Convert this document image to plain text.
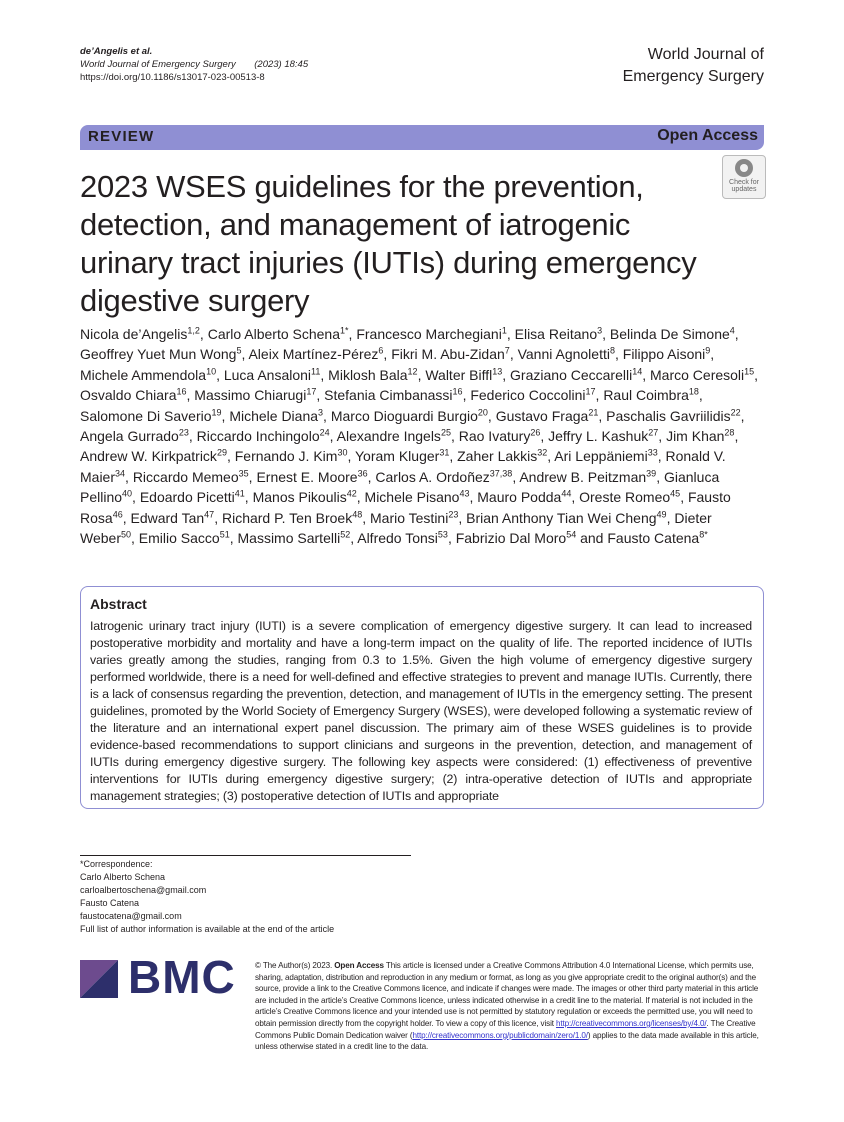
de’Angelis et al.
World Journal of Emergency Surgery (2023) 18:45
https://doi.org/10.1186/s13017-023-00513-8
World Journal of
Emergency Surgery
REVIEW	Open Access
Check for
updates
2023 WSES guidelines for the prevention, detection, and management of iatrogenic urinary tract injuries (IUTIs) during emergency digestive surgery
Nicola de’Angelis$^{1,2}$, Carlo Alberto Schena$^{1*}$, Francesco Marchegiani$^1$, Elisa Reitano$^3$, Belinda De Simone$^4$, Geoffrey Yuet Mun Wong$^5$, Aleix Martínez‑Pérez$^6$, Fikri M. Abu‑Zidan$^7$, Vanni Agnoletti$^8$, Filippo Aisoni$^9$, Michele Ammendola$^{10}$, Luca Ansaloni$^{11}$, Miklosh Bala$^{12}$, Walter Biffl$^{13}$, Graziano Ceccarelli$^{14}$, Marco Ceresoli$^{15}$, Osvaldo Chiara$^{16}$, Massimo Chiarugi$^{17}$, Stefania Cimbanassi$^{16}$, Federico Coccolini$^{17}$, Raul Coimbra$^{18}$, Salomone Di Saverio$^{19}$, Michele Diana$^3$, Marco Dioguardi Burgio$^{20}$, Gustavo Fraga$^{21}$, Paschalis Gavriilidis$^{22}$, Angela Gurrado$^{23}$, Riccardo Inchingolo$^{24}$, Alexandre Ingels$^{25}$, Rao Ivatury$^{26}$, Jeffry L. Kashuk$^{27}$, Jim Khan$^{28}$, Andrew W. Kirkpatrick$^{29}$, Fernando J. Kim$^{30}$, Yoram Kluger$^{31}$, Zaher Lakkis$^{32}$, Ari Leppäniemi$^{33}$, Ronald V. Maier$^{34}$, Riccardo Memeo$^{35}$, Ernest E. Moore$^{36}$, Carlos A. Ordoñez$^{37,38}$, Andrew B. Peitzman$^{39}$, Gianluca Pellino$^{40}$, Edoardo Picetti$^{41}$, Manos Pikoulis$^{42}$, Michele Pisano$^{43}$, Mauro Podda$^{44}$, Oreste Romeo$^{45}$, Fausto Rosa$^{46}$, Edward Tan$^{47}$, Richard P. Ten Broek$^{48}$, Mario Testini$^{23}$, Brian Anthony Tian Wei Cheng$^{49}$, Dieter Weber$^{50}$, Emilio Sacco$^{51}$, Massimo Sartelli$^{52}$, Alfredo Tonsi$^{53}$, Fabrizio Dal Moro$^{54}$ and Fausto Catena$^{8*}$
Abstract
Iatrogenic urinary tract injury (IUTI) is a severe complication of emergency digestive surgery. It can lead to increased postoperative morbidity and mortality and have a long-term impact on the quality of life. The reported incidence of IUTIs varies greatly among the studies, ranging from 0.3 to 1.5%. Given the high volume of emergency digestive surgery performed worldwide, there is a need for well-defined and effective strategies to prevent and manage IUTIs. Currently, there is a lack of consensus regarding the prevention, detection, and management of IUTIs in the emergency setting. The present guidelines, promoted by the World Society of Emergency Surgery (WSES), were developed following a systematic review of the literature and an international expert panel discussion. The primary aim of these WSES guidelines is to provide evidence-based recommendations to support clinicians and surgeons in the prevention, detection, and management of IUTIs during emergency digestive surgery. The following key aspects were considered: (1) effectiveness of preventive interventions for IUTIs during emergency digestive surgery; (2) intra-operative detection of IUTIs and appropriate management strategies; (3) postoperative detection of IUTIs and appropriate
*Correspondence:
Carlo Alberto Schena
carloalbertoschena@gmail.com
Fausto Catena
faustocatena@gmail.com
Full list of author information is available at the end of the article
BMC © The Author(s) 2023. Open Access This article is licensed under a Creative Commons Attribution 4.0 International License, which permits use, sharing, adaptation, distribution and reproduction in any medium or format, as long as you give appropriate credit to the original author(s) and the source, provide a link to the Creative Commons licence, and indicate if changes were made. The images or other third party material in this article are included in the article’s Creative Commons licence, unless indicated otherwise in a credit line to the material. If material is not included in the article’s Creative Commons licence and your intended use is not permitted by statutory regulation or exceeds the permitted use, you will need to obtain permission directly from the copyright holder. To view a copy of this licence, visit http://creativecommons.org/licenses/by/4.0/. The Creative Commons Public Domain Dedication waiver (http://creativecommons.org/publicdomain/zero/1.0/) applies to the data made available in this article, unless otherwise stated in a credit line to the data.
